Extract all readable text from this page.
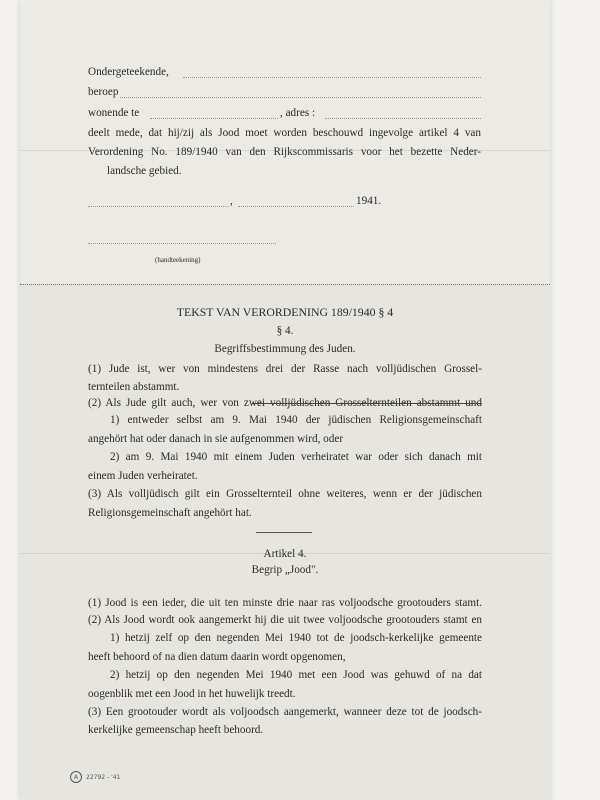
Ondergeteekende,
beroep
wonende te	, adres :
deelt mede, dat hij/zij als Jood moet worden beschouwd ingevolge artikel 4 van
Verordening No. 189/1940 van den Rijkscommissaris voor het bezette Neder-
landsche gebied.
,	1941.
(handteekening)
TEKST VAN VERORDENING 189/1940 § 4
§ 4.
Begriffsbestimmung des Juden.
(1) Jude ist, wer von mindestens drei der Rasse nach volljüdischen Grossel-
ternteilen abstammt.
(2) Als Jude gilt auch, wer von zwei volljüdischen Grosselternteilen abstammt und
1) entweder selbst am 9. Mai 1940 der jüdischen Religionsgemeinschaft
angehört hat oder danach in sie aufgenommen wird, oder
2) am 9. Mai 1940 mit einem Juden verheiratet war oder sich danach mit
einem Juden verheiratet.
(3) Als volljüdisch gilt ein Grosselternteil ohne weiteres, wenn er der jüdischen
Religionsgemeinschaft angehört hat.
Artikel 4.
Begrip „Jood".
(1) Jood is een ieder, die uit ten minste drie naar ras voljoodsche grootouders stamt.
(2) Als Jood wordt ook aangemerkt hij die uit twee voljoodsche grootouders stamt en
1) hetzij zelf op den negenden Mei 1940 tot de joodsch-kerkelijke gemeente
heeft behoord of na dien datum daarin wordt opgenomen,
2) hetzij op den negenden Mei 1940 met een Jood was gehuwd of na dat
oogenblik met een Jood in het huwelijk treedt.
(3) Een grootouder wordt als voljoodsch aangemerkt, wanneer deze tot de joodsch-
kerkelijke gemeenschap heeft behoord.
A	22792 - '41
